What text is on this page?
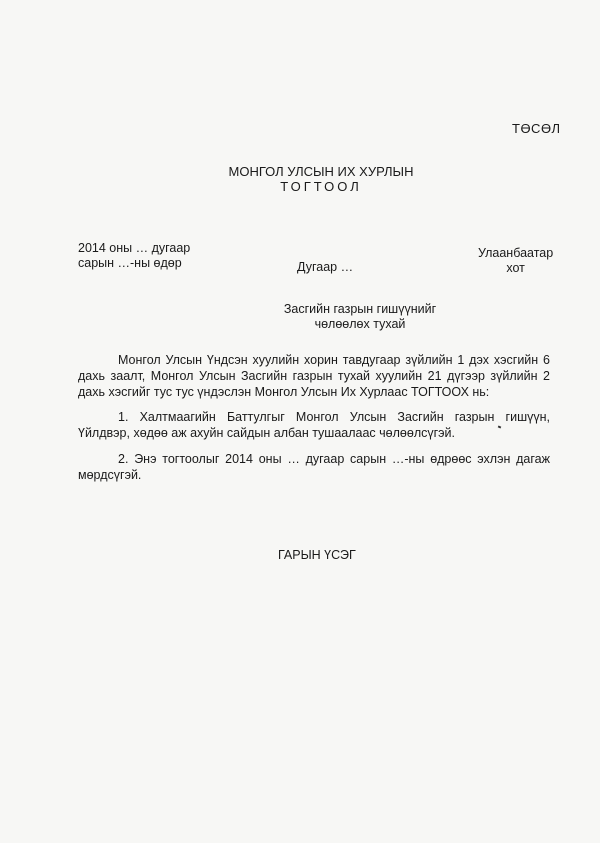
ТӨСӨЛ
МОНГОЛ УЛСЫН ИХ ХУРЛЫН
ТОГТООЛ
2014 оны … дугаар
сарын …-ны өдөр	Дугаар …
Улаанбаатар
хот
Засгийн газрын гишүүнийг
чөлөөлөх тухай
Монгол Улсын Үндсэн хуулийн хорин тавдугаар зүйлийн 1 дэх хэсгийн 6 дахь заалт, Монгол Улсын Засгийн газрын тухай хуулийн 21 дүгээр зүйлийн 2 дахь хэсгийг тус тус үндэслэн Монгол Улсын Их Хурлаас ТОГТООХ нь:
1. Халтмаагийн Баттулгыг Монгол Улсын Засгийн газрын гишүүн, Үйлдвэр, хөдөө аж ахуйн сайдын албан тушаалаас чөлөөлсүгэй.
2. Энэ тогтоолыг 2014 оны … дугаар сарын …-ны өдрөөс эхлэн дагаж мөрдсүгэй.
ГАРЫН ҮСЭГ
